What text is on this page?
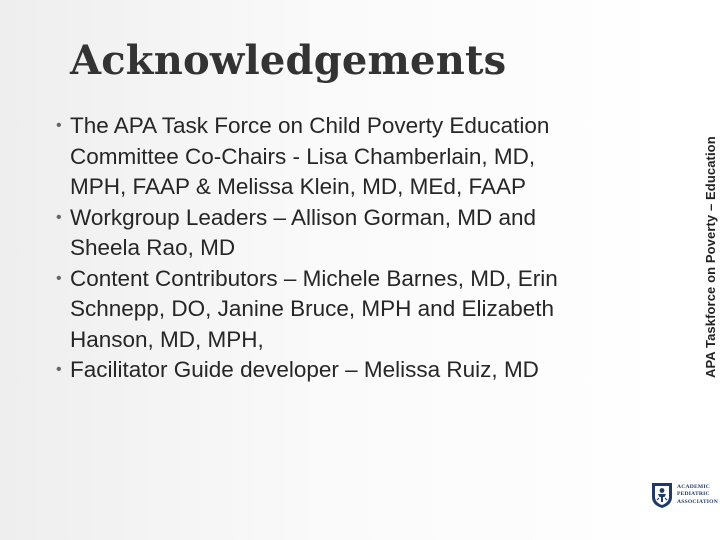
Acknowledgements
• The APA Task Force on Child Poverty Education
Committee Co-Chairs - Lisa Chamberlain, MD,
MPH, FAAP & Melissa Klein, MD, MEd, FAAP
• Workgroup Leaders – Allison Gorman, MD and
Sheela Rao, MD
• Content Contributors – Michele Barnes, MD, Erin
Schnepp, DO, Janine Bruce, MPH and Elizabeth
Hanson, MD, MPH,
• Facilitator Guide developer – Melissa Ruiz, MD	APA Taskforce on Poverty – Education
ACADEMIC
PEDIATRIC
ASSOCIATION
